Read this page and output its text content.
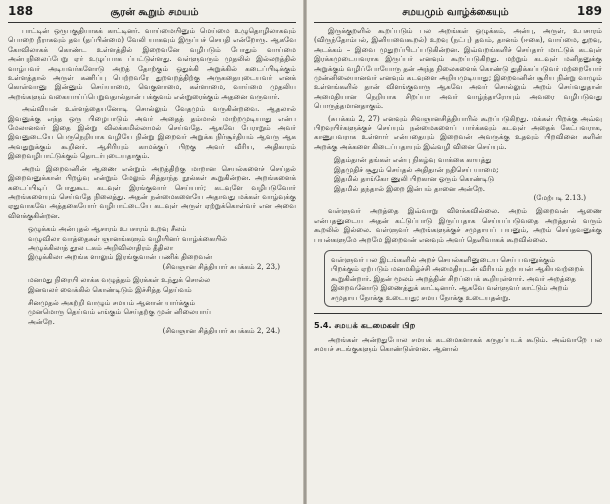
188	சூரன் கூறும் சமயம்

பாட்டின் ஒருபகுதியாகக் காட்டினர். வாய்மையினும் மெய்மை உழுதொழிலாகவும் பொறை நீராகவும் தவ (தப்பின்மை) வேலி யாகவும் இருப்பச் செயதி என்றோரு. ஆகவே கோவிலாகக் கொண்ட உள்ளத்தில் இறைவனே வழிபடும் போதும் வாய்மை அன்புநிலைப்பேறு ஏர் உழுப்பாக ப்பட்டுள்ளது. வள்ளுவரும் முதலில் இல்லறத்தில் வாழ்பவர் அடியவர்களோடு அறத் தோற்கும் ஒதுக்கி அறுக்கில் கடைப்பிடிக்கும் உள்ளத்தால் அருள் கணிப்பு பெற்றவரே துறவறத்திற்கு அருகதையுடையவர் எனக் கொள்வானு இன்னும் செய்யாமை, வெகுளாமை, கள்ளாமை, வாய்மை முதலிய அறங்களும் வகையாய்ப்பெறுவதால்தான் பக்குவம் என்றுரைக்கும் அதனை வருவார்.

அவ்வியன் உள்ளத்தையனோடி சொல்லும் வேதமும் வருகின்றவை. ஆதலால் இவனுக்கு எந்த ஒரு பிழைபாடும் அவர் அதைத் தம்மால் மாற்றமுடியாது என்ப மேலானவர் இதை இன்று விலக்கமில்லாமல் செய்வதே. ஆகவே பேராறும் அவர் இவனுடையே பெருநெறியாக வழியே நின்று இறைவர் அறுக்க நிர்சூர்தியம் ஆவரு ஆக அவதுறுக்கும் கூறினர். ஆசிரியும் காமக்குப் பிறகு அவர் வீரிய, அதிகாரம் இறைவழிபாட்டுக்கும் தொடர்புடையதாகும்.

அறம் இறைவனின் ஆணை என்றும் அறத்திற்கு மாறான செயல்களைச் செய்தல் இறைவனுக்கான் பிறழ்வு என்றும் மேலும் சித்தாந்த நூல்கள் கூறுகின்றன. அறங்களைக் கடைப்பிடிப் போதுகூட கடவுள் இரங்குவார் செய்யார்; கடவுளே வழிபடுவோர் அறங்களையும் செய்வதே நிலைத்து. அதன் நன்மைகளையே அதாவது மக்கள் வாழ்வுக்கு ஏதுவாகவே அத்தகையோர் வழிபாட்டையே கடவுள் அருள் ஏற்றுக்கொள்வர் என அவை விளக்குகின்றன.

ஒழுக்கம் அன்புதல் ஆசாரம் உபசாரம் உறவு சீலம்
வழுவிலா வாத்தைகள் ஞானங்களும் வழியினர் வாழ்க்கையில்
அழுக்கிலாத் தூல டகம் அறிவிலாதிரம் தீதிலா
இழுக்கிலா அறங்க ளாலும் இரங்குவான் பணிக் திறைவன்
(சிவஞான சித்தியார் சுபக்கம் 2, 23,)
மனமது நிரையி லாக்க வழுத்தம் இரக்கள் உந்துக் சொல்ல
இனவலர் வைக்கில் கொண்டிடும் இச்சித்த தெய்வம்
சினமுதல் அகற்றி வாழும் சமயம் ஆனான் யார்க்கும்
முனமொரு தெய்வம் எங்கும் செய்தற்கு முன் னிலையாய்
அன்றே.
(சிவஞான சித்தியார் சுபக்கம் 2, 24.)
சமயமும் வாழ்க்கையும்	189

இருக்குறளில் கூறப்படும் பல அறங்கள் ஒழுக்கம், அன்பு, அருள், உபசாரம் (விருந்தோம்பல், இனியவைகூறல்) உறவு (நட்பு) தவம், தானம் (ஈகை), வாய்மை, துறவு, அடக்கம் – இவை முதுறப்பிடப்படுகின்றன. இவ்வறங்களிச் செய்தார் மாட்டுக் கடவுள் இரக்கமுடையவராக இருப்பர் எனவும் கூறப்படுகிறது. மற்றும் கடவுள் மனிதனுக்கு அறுக்கும் வழிப்போயோரு தன் அந்த நிலைகளைக் கொண்டு துதிக்கப்படுவர் மற்றையோர் முன்னிலையானவர் எனவும் கடவுளை அறியமுடியாது; இறைவனின் சூரிய நின்று வாழும் உள்ளங்களில் தான் விளங்குவாரு ஆகவே அவர் சொல்லும் அறம் செய்வதுதான் அமைதியான நெறியாக சிறப்பா அவர் வாழ்ந்தாரோயும் அவரை வழிபடுவது பொருத்தமானதாகும்.

(சுபக்கம் 2, 27) எனவும் சிவஞானசித்தியாரில் கூறப்படுகிறது. மக்கள் பிறக்கு அவ்வு பிறவுயிர்களுக்குச் செய்யும் நன்மைகளைப் பார்க்கவும் கடவுள் அதைக் கேட்பவராக, காணுபவராக உள்ளார் என்பதையும் இறைவன் அவருக்கு உதவும் பிறவினை களின் அறக்கு அக்களை கிடைப்பதாயும் இவ்வழி வினை செய்யும்.

இதம்தான் தங்கள் என்பு நிகழ்வு வாக்கை காயத்து
இதமுதிச் சூதும் செய்தல் அதிதான் நதிசெய் யாமை;
இதமில் தாங்கோ ணுலி பிறகான ஓரும் கொண்டிடு
இதமில் தந்தால் இறை இன்பம் தானை அன்றே.
(மேற்படி 2.13.)

வள்ளுவர் அறத்தை இவ்வாறு விளக்கவில்லை. அறம் இறைவன் ஆணை என்பதனுடைய அதன் கட்டுப்பாடு இருப்பதாக செய்யப்படுவதை அறத்தால் வரும் கூறலில் இல்லை. வள்ளுவர் அறங்களுக்குச் சமுதாயப் பயனும், அறம் செய்தவனுக்கு பயன்களுமே அறமே இறைவன் எனவும் அவர் தெளிவாகக் கூறவில்லை.

வள்ளுவர் பல இடங்களில் அறச் செயல்களினுடைய செய் பவனுக்கும் பிறக்கும் ஏற்படும் மனமகிழ்ச்சி அமைதியுடன் வீரியம் நற்பயன் ஆகியவற்றைக் கூறுகின்றார். இதன் மூலம் அறத்தின் சிறப்பைக் கூறியுள்ளார். அவர் அறத்தை இறைவனோடு இணைத்துக் காட்டினார். ஆகவே வள்ளுவர் காட்டும் அறம் சமுதாய நோக்கு உடையது; சமய நோக்கு உடையதன்று.
5.4. சமயக் கடமைகள் பிற

அறங்கள் அன்றதுபோல சமயக் கடமைகளாகக் கருதப்படக் கூடும். அவ்வாறே பல சமயச் சடங்குகளும் கொண்டுள்ளன. ஆனால்
